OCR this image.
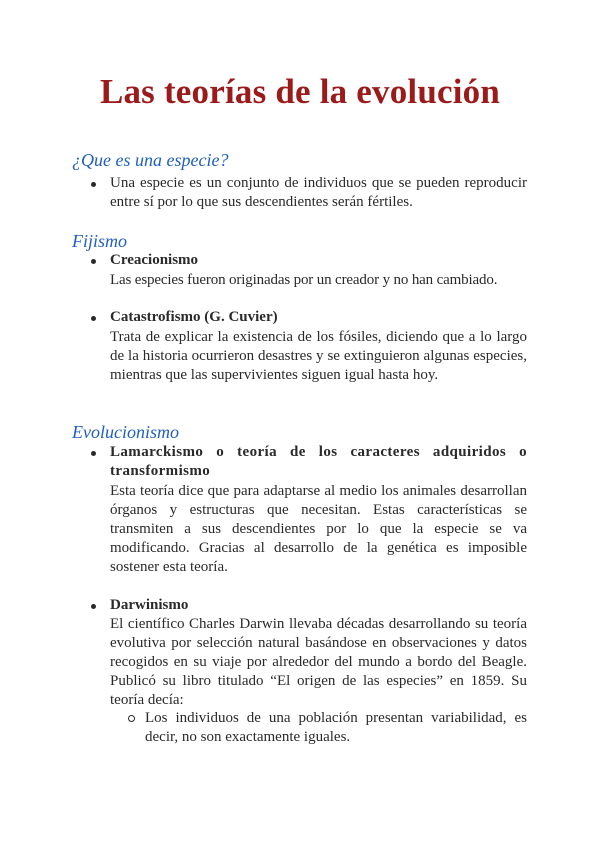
Las teorías de la evolución
¿Que es una especie?
Una especie es un conjunto de individuos que se pueden reproducir entre sí por lo que sus descendientes serán fértiles.
Fijismo
Creacionismo
Las especies fueron originadas por un creador y no han cambiado.
Catastrofismo (G. Cuvier)
Trata de explicar la existencia de los fósiles, diciendo que a lo largo de la historia ocurrieron desastres y se extinguieron algunas especies, mientras que las supervivientes siguen igual hasta hoy.
Evolucionismo
Lamarckismo o teoría de los caracteres adquiridos o transformismo
Esta teoría dice que para adaptarse al medio los animales desarrollan órganos y estructuras que necesitan. Estas características se transmiten a sus descendientes por lo que la especie se va modificando. Gracias al desarrollo de la genética es imposible sostener esta teoría.
Darwinismo
El científico Charles Darwin llevaba décadas desarrollando su teoría evolutiva por selección natural basándose en observaciones y datos recogidos en su viaje por alrededor del mundo a bordo del Beagle. Publicó su libro titulado “El origen de las especies” en 1859. Su teoría decía:
Los individuos de una población presentan variabilidad, es decir, no son exactamente iguales.
